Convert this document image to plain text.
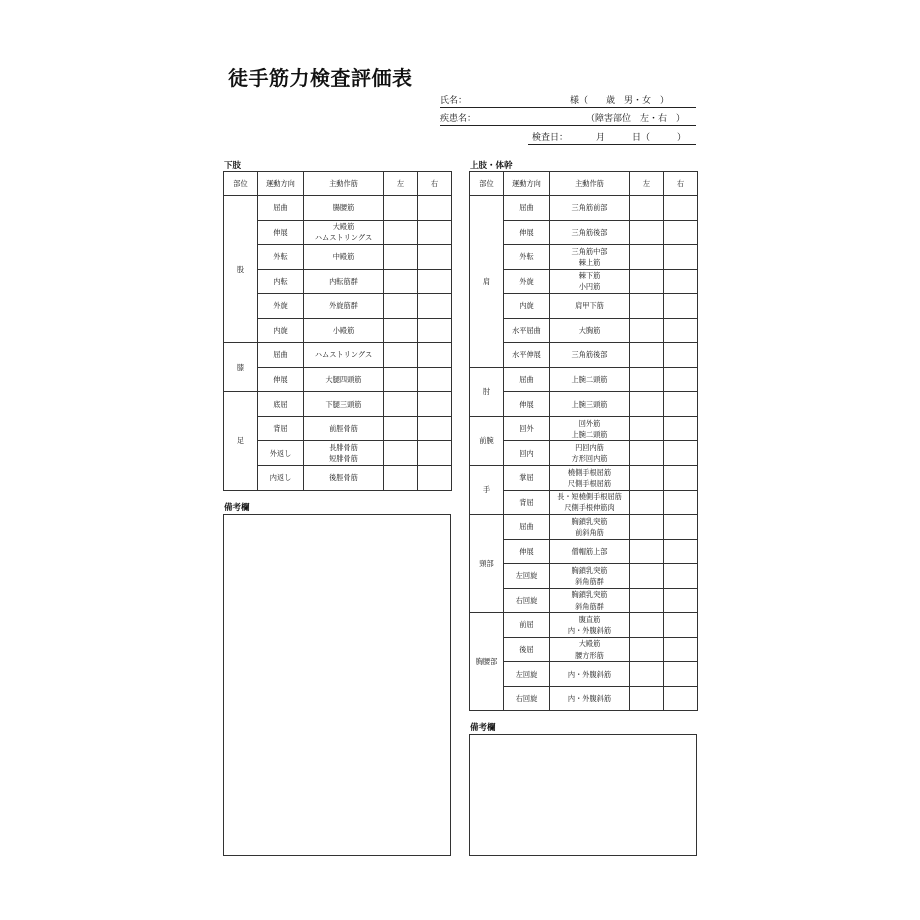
徒手筋力検査評価表
氏名：	様（　　歳　男・女　）
疾患名：	（障害部位　左・右　）
検査日：	月　　　日（　　　）
下肢	上肢・体幹
部位	運動方向	主動作筋	左	右
股	屈曲	腸腰筋		

	伸展	大殿筋
ハムストリングス		

	外転	中殿筋		

	内転	内転筋群		

	外旋	外旋筋群		

	内旋	小殿筋		

膝	屈曲	ハムストリングス		

	伸展	大腿四頭筋		

足	底屈	下腿三頭筋		

	背屈	前脛骨筋		

	外返し	長腓骨筋
短腓骨筋		

	内返し	後脛骨筋		

部位	運動方向	主動作筋	左	右
肩	屈曲	三角筋前部		

	伸展	三角筋後部		

	外転	三角筋中部
棘上筋		

	外旋	棘下筋
小円筋		

	内旋	肩甲下筋		

	水平屈曲	大胸筋		

	水平伸展	三角筋後部		

肘	屈曲	上腕二頭筋		

	伸展	上腕三頭筋		

前腕	回外	回外筋
上腕二頭筋		

	回内	円回内筋
方形回内筋		

手	掌屈	橈側手根屈筋
尺側手根屈筋		

	背屈	長・短橈側手根屈筋
尺側手根伸筋肉		

頸部	屈曲	胸鎖乳突筋
前斜角筋		

	伸展	僧帽筋上部		

	左回旋	胸鎖乳突筋
斜角筋群		

	右回旋	胸鎖乳突筋
斜角筋群		

胸腰部	前屈	腹直筋
内・外腹斜筋		

	後屈	大殿筋
腰方形筋		

	左回旋	内・外腹斜筋		

	右回旋	内・外腹斜筋		

備考欄
備考欄
